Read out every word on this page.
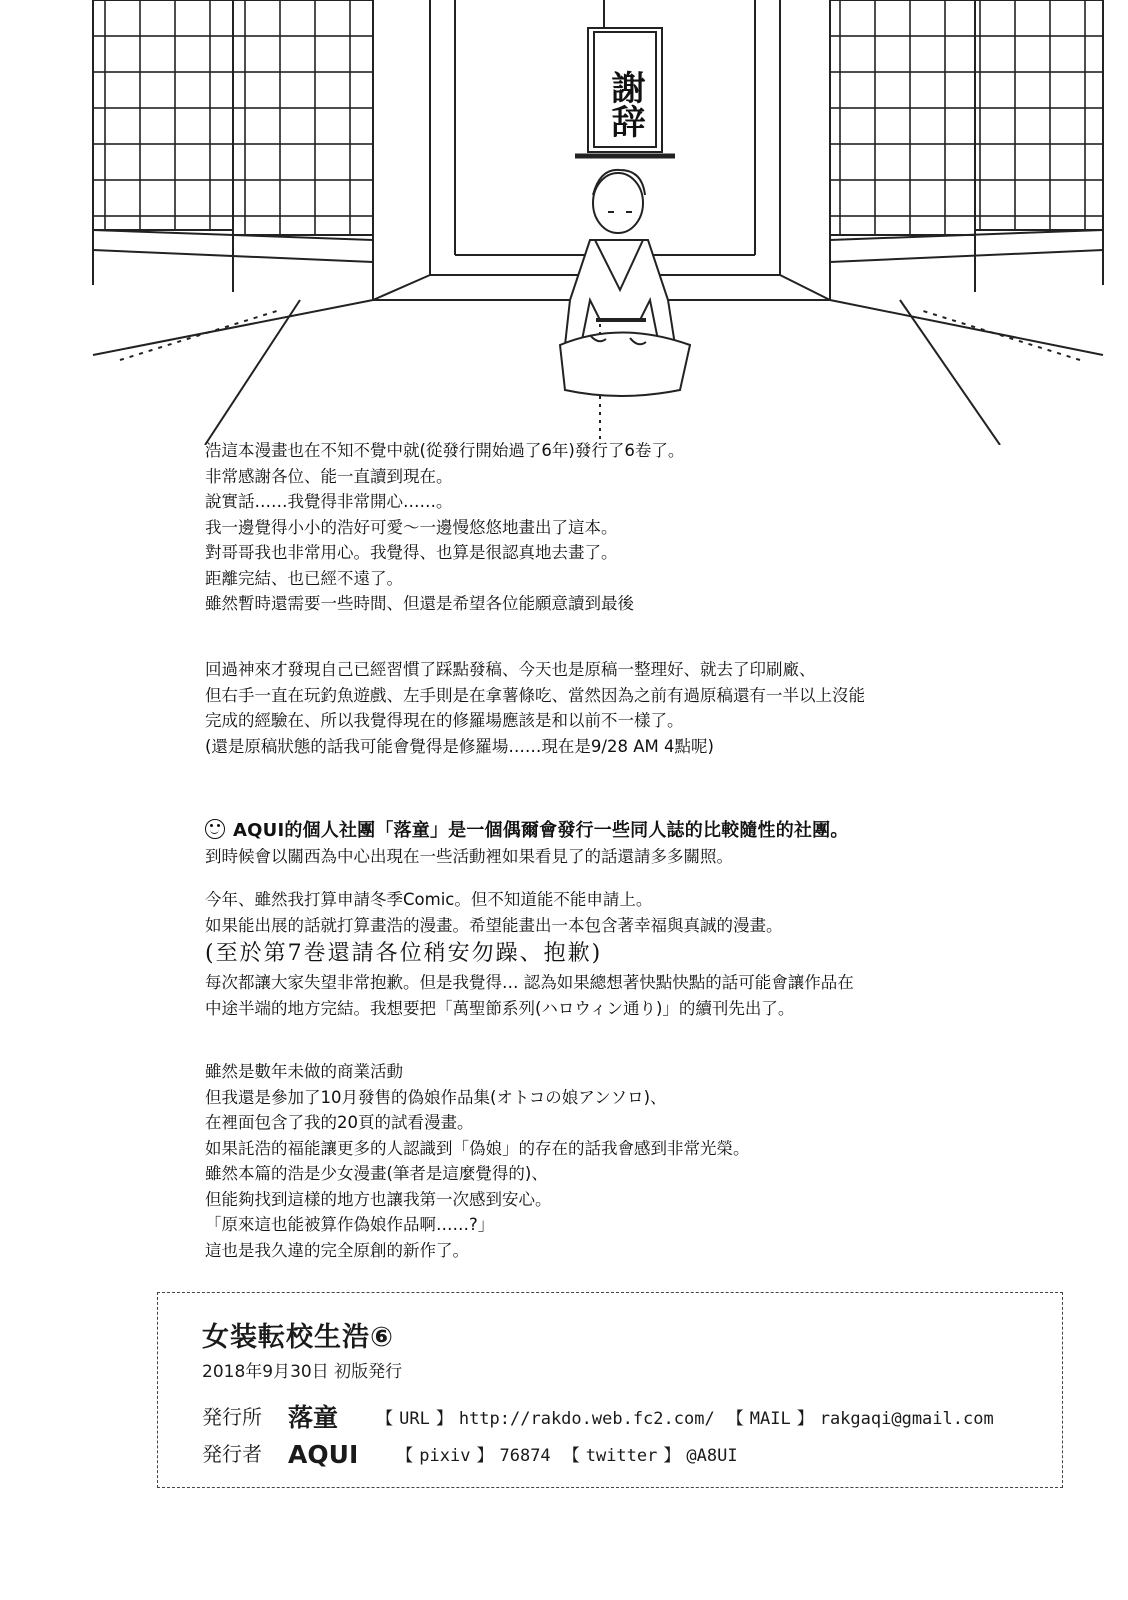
謝辞

浩這本漫畫也在不知不覺中就(從發行開始過了6年)發行了6卷了。

非常感謝各位、能一直讀到現在。

說實話……我覺得非常開心……。

我一邊覺得小小的浩好可愛～一邊慢悠悠地畫出了這本。

對哥哥我也非常用心。我覺得、也算是很認真地去畫了。

距離完結、也已經不遠了。

雖然暫時還需要一些時間、但還是希望各位能願意讀到最後

回過神來才發現自己已經習慣了踩點發稿、今天也是原稿一整理好、就去了印刷廠、

但右手一直在玩釣魚遊戲、左手則是在拿薯條吃、當然因為之前有過原稿還有一半以上沒能

完成的經驗在、所以我覺得現在的修羅場應該是和以前不一樣了。

(還是原稿狀態的話我可能會覺得是修羅場……現在是9/28 AM 4點呢)

AQUI的個人社團「落童」是一個偶爾會發行一些同人誌的比較隨性的社團。

到時候會以關西為中心出現在一些活動裡如果看見了的話還請多多關照。

今年、雖然我打算申請冬季Comic。但不知道能不能申請上。

如果能出展的話就打算畫浩的漫畫。希望能畫出一本包含著幸福與真誠的漫畫。

(至於第7巻還請各位稍安勿躁、抱歉)

每次都讓大家失望非常抱歉。但是我覺得… 認為如果總想著快點快點的話可能會讓作品在

中途半端的地方完結。我想要把「萬聖節系列(ハロウィン通り)」的續刊先出了。

雖然是數年未做的商業活動

但我還是參加了10月發售的偽娘作品集(オトコの娘アンソロ)、

在裡面包含了我的20頁的試看漫畫。

如果託浩的福能讓更多的人認識到「偽娘」的存在的話我會感到非常光榮。

雖然本篇的浩是少女漫畫(筆者是這麼覺得的)、

但能夠找到這樣的地方也讓我第一次感到安心。

「原來這也能被算作偽娘作品啊……?」

這也是我久違的完全原創的新作了。

女装転校生浩⑥
2018年9月30日 初版発行
発行所 落童 【 URL 】 http://rakdo.web.fc2.com/ 【 MAIL 】 rakgaqi@gmail.com
発行者 AQUI 【 pixiv 】 76874 【 twitter 】 @A8UI
